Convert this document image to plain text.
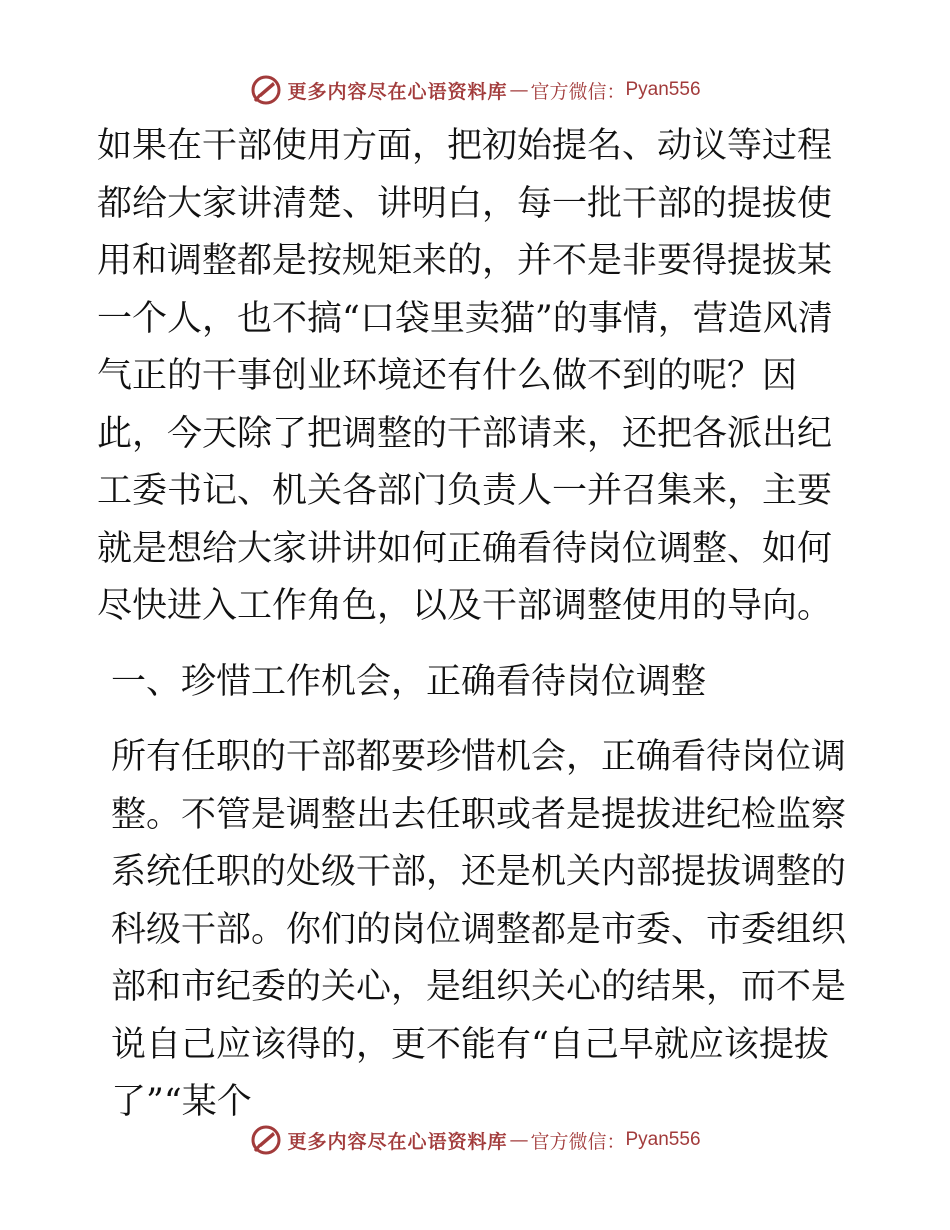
更多内容尽在心语资料库 — 官方微信： Pyan556

如果在干部使用方面，把初始提名、动议等过程都给大家讲清楚、讲明白，每一批干部的提拔使用和调整都是按规矩来的，并不是非要得提拔某一个人，也不搞“口袋里卖猫”的事情，营造风清气正的干事创业环境还有什么做不到的呢？因此，今天除了把调整的干部请来，还把各派出纪工委书记、机关各部门负责人一并召集来，主要就是想给大家讲讲如何正确看待岗位调整、如何尽快进入工作角色，以及干部调整使用的导向。

一、珍惜工作机会，正确看待岗位调整

所有任职的干部都要珍惜机会，正确看待岗位调整。不管是调整出去任职或者是提拔进纪检监察系统任职的处级干部，还是机关内部提拔调整的科级干部。你们的岗位调整都是市委、市委组织部和市纪委的关心，是组织关心的结果，而不是说自己应该得的，更不能有“自己早就应该提拔了”“某个

更多内容尽在心语资料库 — 官方微信： Pyan556
